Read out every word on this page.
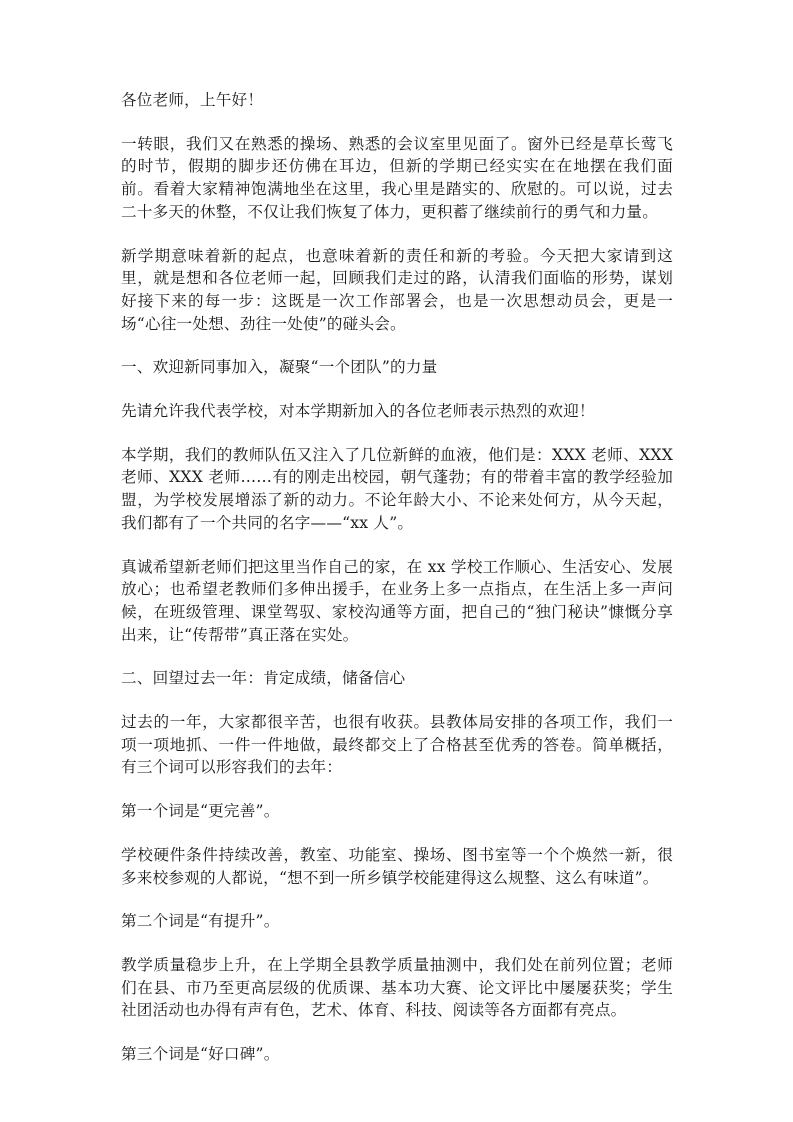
各位老师，上午好！

一转眼，我们又在熟悉的操场、熟悉的会议室里见面了。窗外已经是草长莺飞的时节，假期的脚步还仿佛在耳边，但新的学期已经实实在在地摆在我们面前。看着大家精神饱满地坐在这里，我心里是踏实的、欣慰的。可以说，过去二十多天的休整，不仅让我们恢复了体力，更积蓄了继续前行的勇气和力量。

新学期意味着新的起点，也意味着新的责任和新的考验。今天把大家请到这里，就是想和各位老师一起，回顾我们走过的路，认清我们面临的形势，谋划好接下来的每一步：这既是一次工作部署会，也是一次思想动员会，更是一场“心往一处想、劲往一处使”的碰头会。

一、欢迎新同事加入，凝聚“一个团队”的力量

先请允许我代表学校，对本学期新加入的各位老师表示热烈的欢迎！

本学期，我们的教师队伍又注入了几位新鲜的血液，他们是：XXX 老师、XXX 老师、XXX 老师……有的刚走出校园，朝气蓬勃；有的带着丰富的教学经验加盟，为学校发展增添了新的动力。不论年龄大小、不论来处何方，从今天起，我们都有了一个共同的名字——“xx 人”。

真诚希望新老师们把这里当作自己的家，在 xx 学校工作顺心、生活安心、发展放心；也希望老教师们多伸出援手，在业务上多一点指点，在生活上多一声问候，在班级管理、课堂驾驭、家校沟通等方面，把自己的“独门秘诀”慷慨分享出来，让“传帮带”真正落在实处。

二、回望过去一年：肯定成绩，储备信心

过去的一年，大家都很辛苦，也很有收获。县教体局安排的各项工作，我们一项一项地抓、一件一件地做，最终都交上了合格甚至优秀的答卷。简单概括，有三个词可以形容我们的去年：

第一个词是“更完善”。

学校硬件条件持续改善，教室、功能室、操场、图书室等一个个焕然一新，很多来校参观的人都说，“想不到一所乡镇学校能建得这么规整、这么有味道”。

第二个词是“有提升”。

教学质量稳步上升，在上学期全县教学质量抽测中，我们处在前列位置；老师们在县、市乃至更高层级的优质课、基本功大赛、论文评比中屡屡获奖；学生社团活动也办得有声有色，艺术、体育、科技、阅读等各方面都有亮点。

第三个词是“好口碑”。
